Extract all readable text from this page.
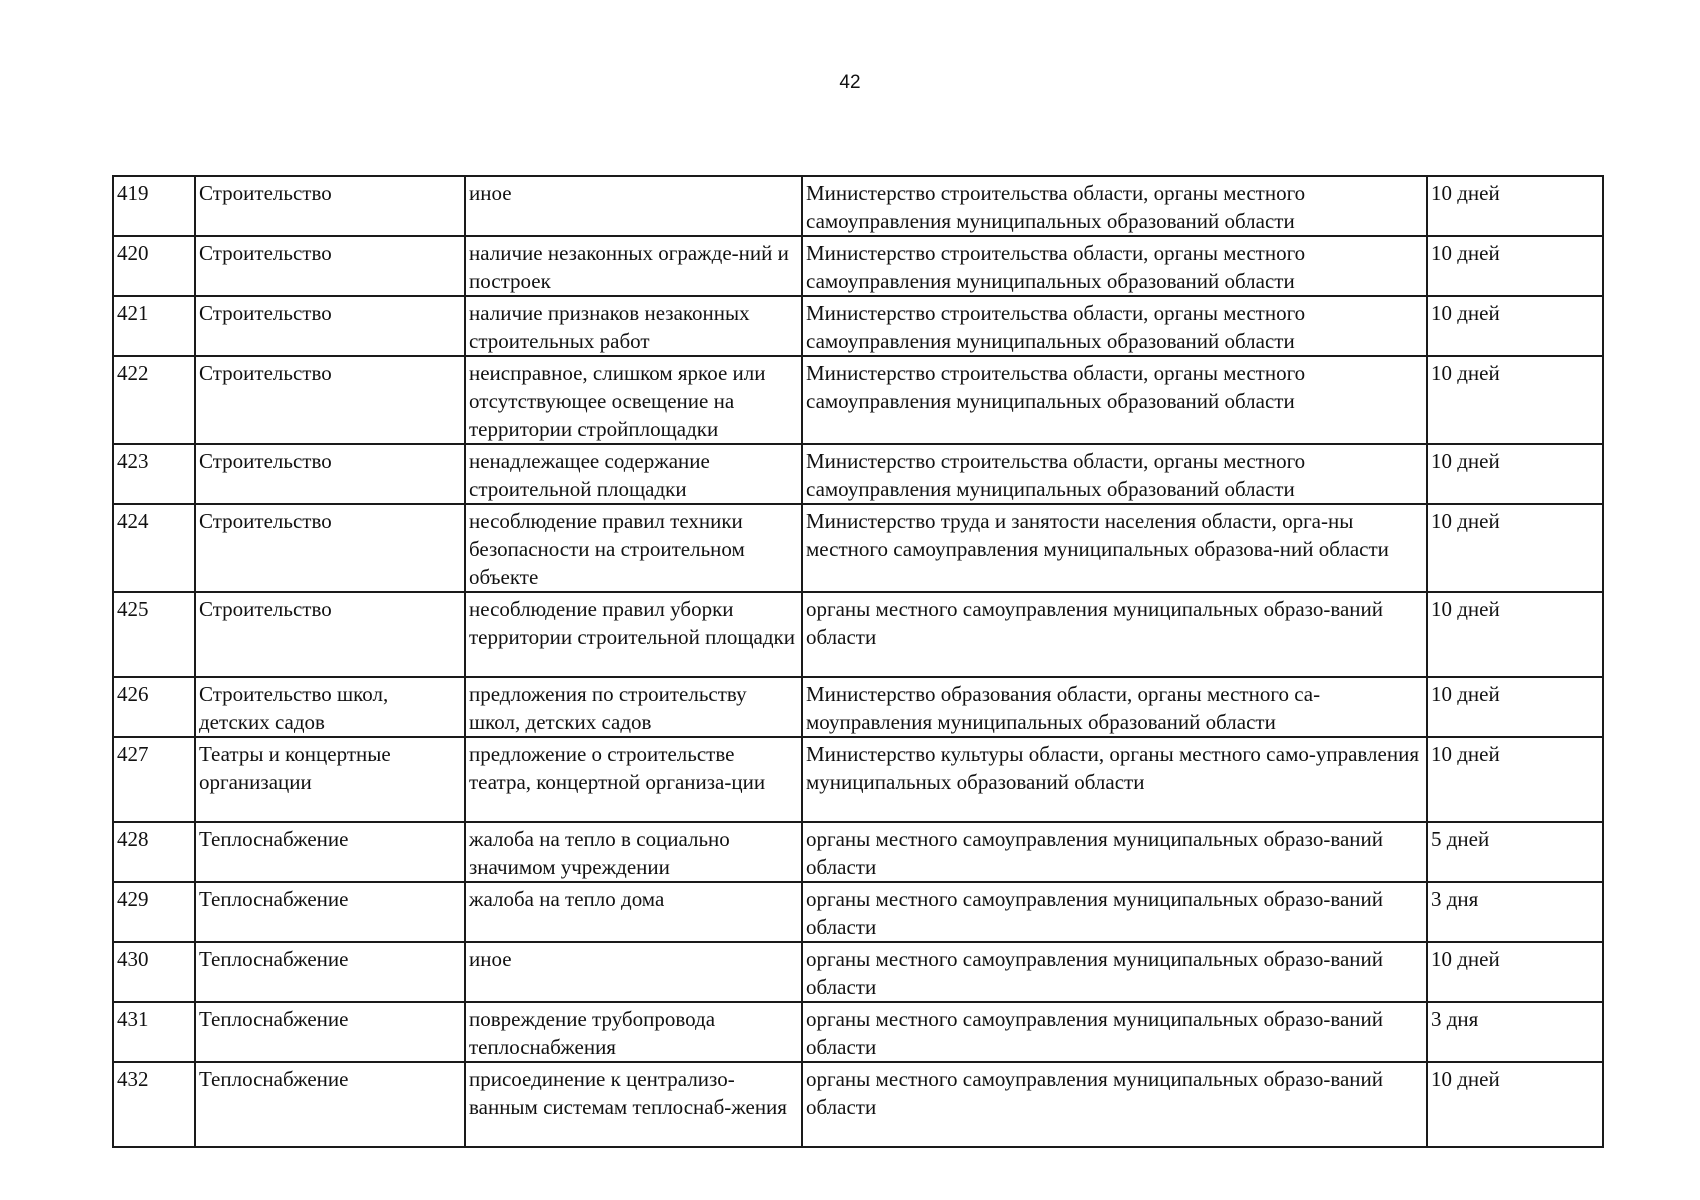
42
419	Строительство	иное	Министерство строительства области, органы местного самоуправления муниципальных образований области	10 дней
420	Строительство	наличие незаконных огражде-ний и построек	Министерство строительства области, органы местного самоуправления муниципальных образований области	10 дней
421	Строительство	наличие признаков незаконных строительных работ	Министерство строительства области, органы местного самоуправления муниципальных образований области	10 дней
422	Строительство	неисправное, слишком яркое или отсутствующее освещение на территории стройплощадки	Министерство строительства области, органы местного самоуправления муниципальных образований области	10 дней
423	Строительство	ненадлежащее содержание строительной площадки	Министерство строительства области, органы местного самоуправления муниципальных образований области	10 дней
424	Строительство	несоблюдение правил техники безопасности на строительном объекте	Министерство труда и занятости населения области, орга-ны местного самоуправления муниципальных образова-ний области	10 дней
425	Строительство	несоблюдение правил уборки территории строительной площадки	органы местного самоуправления муниципальных образо-ваний области	10 дней
426	Строительство школ, детских садов	предложения по строительству школ, детских садов	Министерство образования области, органы местного са-моуправления муниципальных образований области	10 дней
427	Театры и концертные организации	предложение о строительстве театра, концертной организа-ции	Министерство культуры области, органы местного само-управления муниципальных образований области	10 дней
428	Теплоснабжение	жалоба на тепло в социально значимом учреждении	органы местного самоуправления муниципальных образо-ваний области	5 дней
429	Теплоснабжение	жалоба на тепло дома	органы местного самоуправления муниципальных образо-ваний области	3 дня
430	Теплоснабжение	иное	органы местного самоуправления муниципальных образо-ваний области	10 дней
431	Теплоснабжение	повреждение трубопровода теплоснабжения	органы местного самоуправления муниципальных образо-ваний области	3 дня
432	Теплоснабжение	присоединение к централизо-ванным системам теплоснаб-жения	органы местного самоуправления муниципальных образо-ваний области	10 дней
